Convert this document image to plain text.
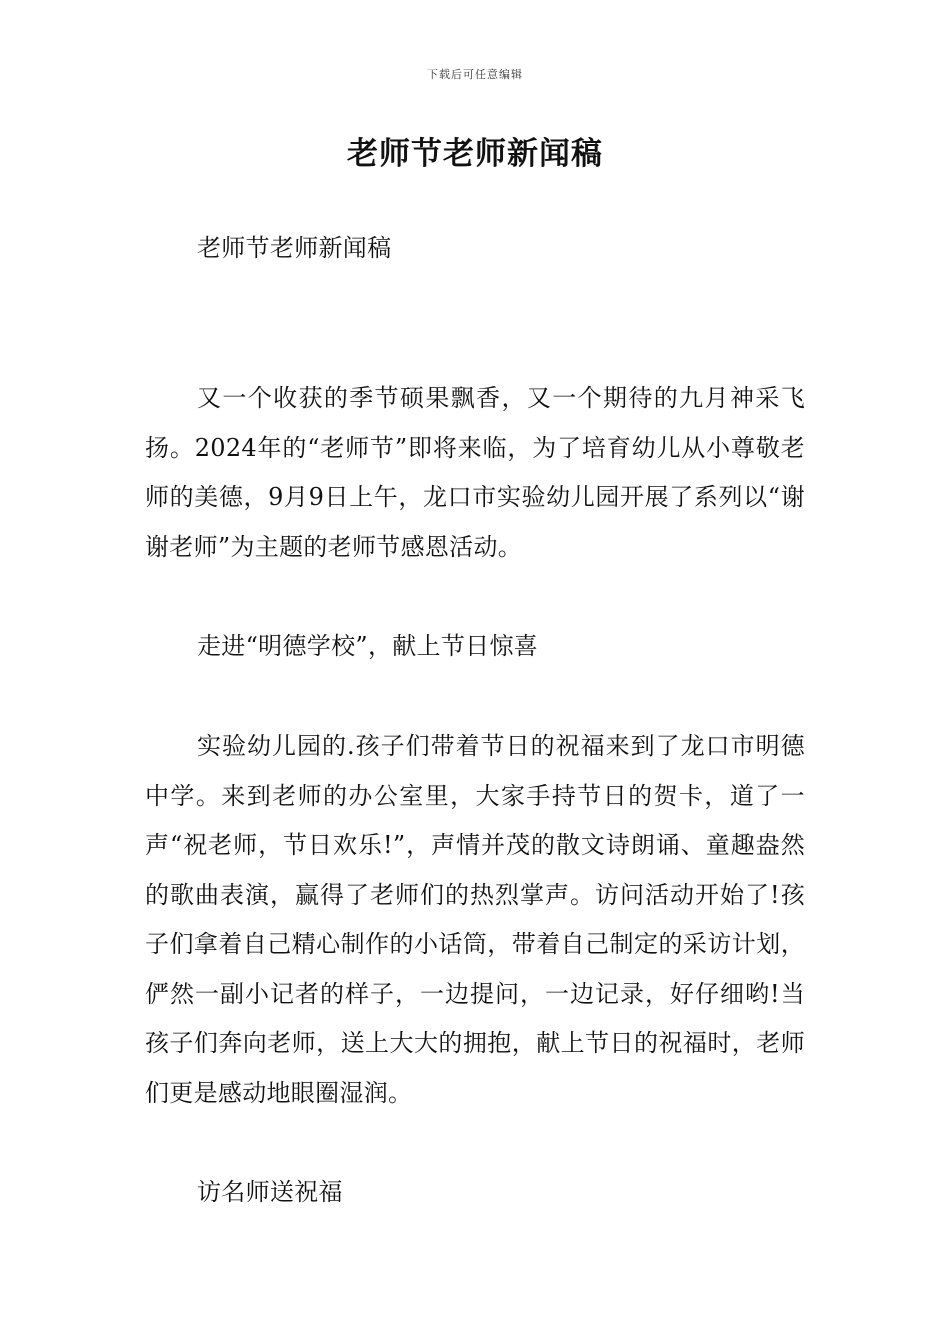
下载后可任意编辑
老师节老师新闻稿

老师节老师新闻稿

又一个收获的季节硕果飘香，又一个期待的九月神采飞扬。2024年的“老师节”即将来临，为了培育幼儿从小尊敬老师的美德，9月9日上午，龙口市实验幼儿园开展了系列以“谢谢老师”为主题的老师节感恩活动。

走进“明德学校”，献上节日惊喜

实验幼儿园的.孩子们带着节日的祝福来到了龙口市明德中学。来到老师的办公室里，大家手持节日的贺卡，道了一声“祝老师，节日欢乐!”，声情并茂的散文诗朗诵、童趣盎然的歌曲表演，赢得了老师们的热烈掌声。访问活动开始了!孩子们拿着自己精心制作的小话筒，带着自己制定的采访计划，俨然一副小记者的样子，一边提问，一边记录，好仔细哟!当孩子们奔向老师，送上大大的拥抱，献上节日的祝福时，老师们更是感动地眼圈湿润。

访名师送祝福
